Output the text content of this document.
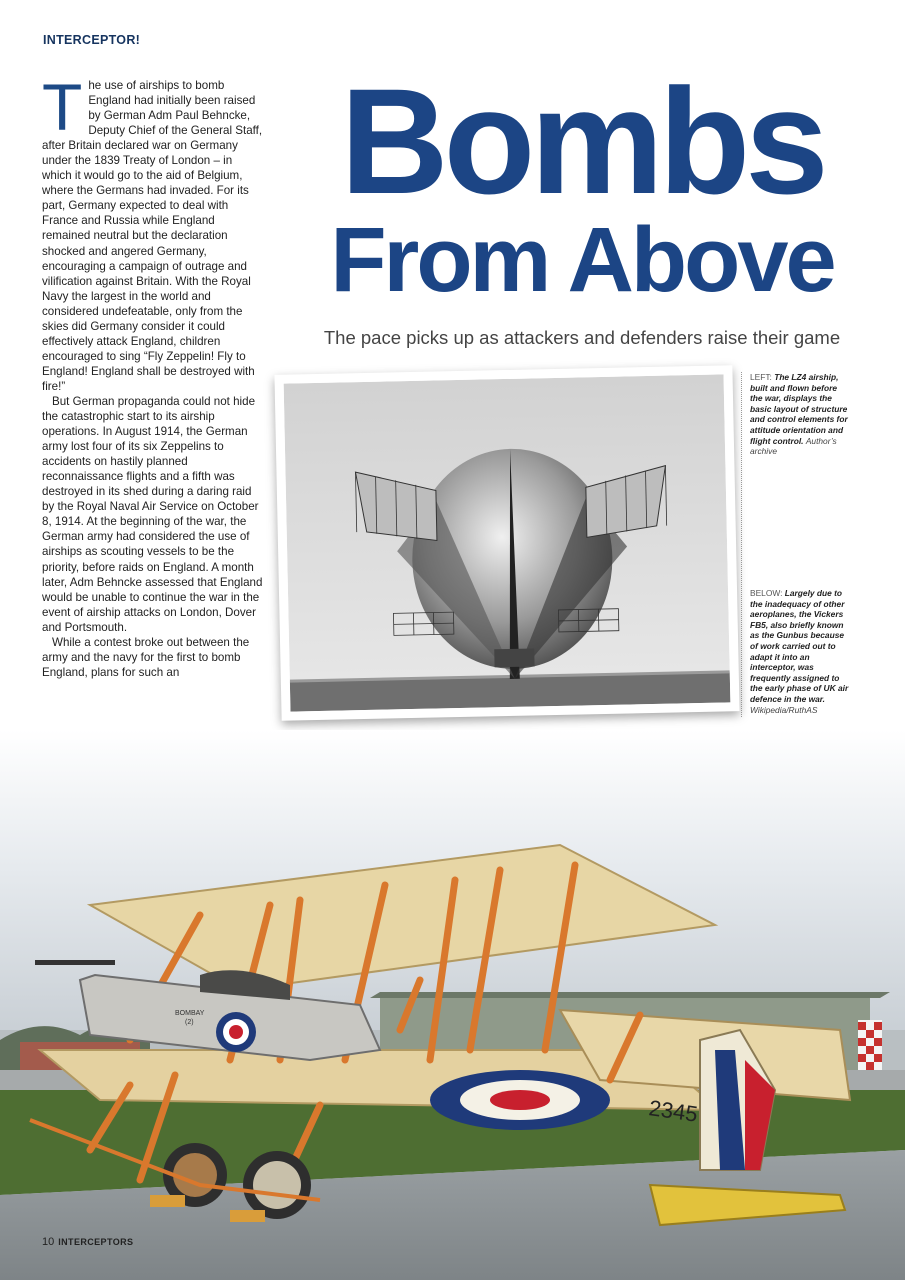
INTERCEPTOR!

The use of airships to bomb England had initially been raised by German Adm Paul Behncke, Deputy Chief of the General Staff, after Britain declared war on Germany under the 1839 Treaty of London – in which it would go to the aid of Belgium, where the Germans had invaded. For its part, Germany expected to deal with France and Russia while England remained neutral but the declaration shocked and angered Germany, encouraging a campaign of outrage and vilification against Britain. With the Royal Navy the largest in the world and considered undefeatable, only from the skies did Germany consider it could effectively attack England, children encouraged to sing “Fly Zeppelin! Fly to England! England shall be destroyed with fire!”

But German propaganda could not hide the catastrophic start to its airship operations. In August 1914, the German army lost four of its six Zeppelins to accidents on hastily planned reconnaissance flights and a fifth was destroyed in its shed during a daring raid by the Royal Naval Air Service on October 8, 1914. At the beginning of the war, the German army had considered the use of airships as scouting vessels to be the priority, before raids on England. A month later, Adm Behncke assessed that England would be unable to continue the war in the event of airship attacks on London, Dover and Portsmouth.

While a contest broke out between the army and the navy for the first to bomb England, plans for such an

Bombs
From Above
The pace picks up as attackers and defenders raise their game
LEFT: The LZ4 airship, built and flown before the war, displays the basic layout of structure and control elements for attitude orientation and flight control. Author’s archive
BELOW: Largely due to the inadequacy of other aeroplanes, the Vickers FB5, also briefly known as the Gunbus because of work carried out to adapt it into an interceptor, was frequently assigned to the early phase of UK air defence in the war. Wikipedia/RuthAS
BOMBAY
(2)
2345
10 INTERCEPTORS
